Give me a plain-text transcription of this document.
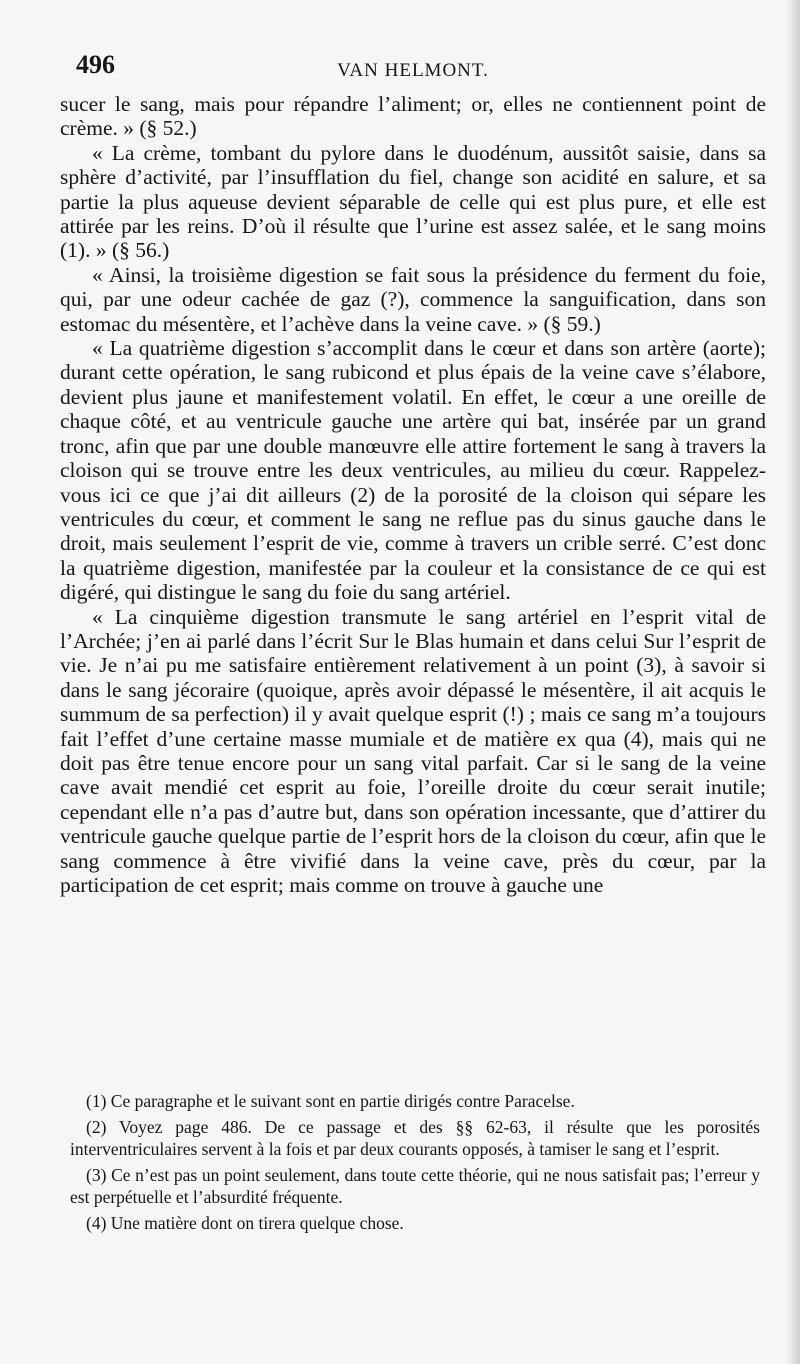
496	VAN HELMONT.

sucer le sang, mais pour répandre l’aliment; or, elles ne contiennent point de crème. » (§ 52.)

« La crème, tombant du pylore dans le duodénum, aussitôt saisie, dans sa sphère d’activité, par l’insufflation du fiel, change son acidité en salure, et sa partie la plus aqueuse devient séparable de celle qui est plus pure, et elle est attirée par les reins. D’où il résulte que l’urine est assez salée, et le sang moins (1). » (§ 56.)

« Ainsi, la troisième digestion se fait sous la présidence du ferment du foie, qui, par une odeur cachée de gaz (?), commence la sanguification, dans son estomac du mésentère, et l’achève dans la veine cave. » (§ 59.)

« La quatrième digestion s’accomplit dans le cœur et dans son artère (aorte); durant cette opération, le sang rubicond et plus épais de la veine cave s’élabore, devient plus jaune et manifestement volatil. En effet, le cœur a une oreille de chaque côté, et au ventricule gauche une artère qui bat, insérée par un grand tronc, afin que par une double manœuvre elle attire fortement le sang à travers la cloison qui se trouve entre les deux ventricules, au milieu du cœur. Rappelez-vous ici ce que j’ai dit ailleurs (2) de la porosité de la cloison qui sépare les ventricules du cœur, et comment le sang ne reflue pas du sinus gauche dans le droit, mais seulement l’esprit de vie, comme à travers un crible serré. C’est donc la quatrième digestion, manifestée par la couleur et la consistance de ce qui est digéré, qui distingue le sang du foie du sang artériel.

« La cinquième digestion transmute le sang artériel en l’esprit vital de l’Archée; j’en ai parlé dans l’écrit Sur le Blas humain et dans celui Sur l’esprit de vie. Je n’ai pu me satisfaire entièrement relativement à un point (3), à savoir si dans le sang jécoraire (quoique, après avoir dépassé le mésentère, il ait acquis le summum de sa perfection) il y avait quelque esprit (!) ; mais ce sang m’a toujours fait l’effet d’une certaine masse mumiale et de matière ex qua (4), mais qui ne doit pas être tenue encore pour un sang vital parfait. Car si le sang de la veine cave avait mendié cet esprit au foie, l’oreille droite du cœur serait inutile; cependant elle n’a pas d’autre but, dans son opération incessante, que d’attirer du ventricule gauche quelque partie de l’esprit hors de la cloison du cœur, afin que le sang commence à être vivifié dans la veine cave, près du cœur, par la participation de cet esprit; mais comme on trouve à gauche une

(1) Ce paragraphe et le suivant sont en partie dirigés contre Paracelse.

(2) Voyez page 486. De ce passage et des §§ 62-63, il résulte que les porosités interventriculaires servent à la fois et par deux courants opposés, à tamiser le sang et l’esprit.

(3) Ce n’est pas un point seulement, dans toute cette théorie, qui ne nous satisfait pas; l’erreur y est perpétuelle et l’absurdité fréquente.

(4) Une matière dont on tirera quelque chose.
